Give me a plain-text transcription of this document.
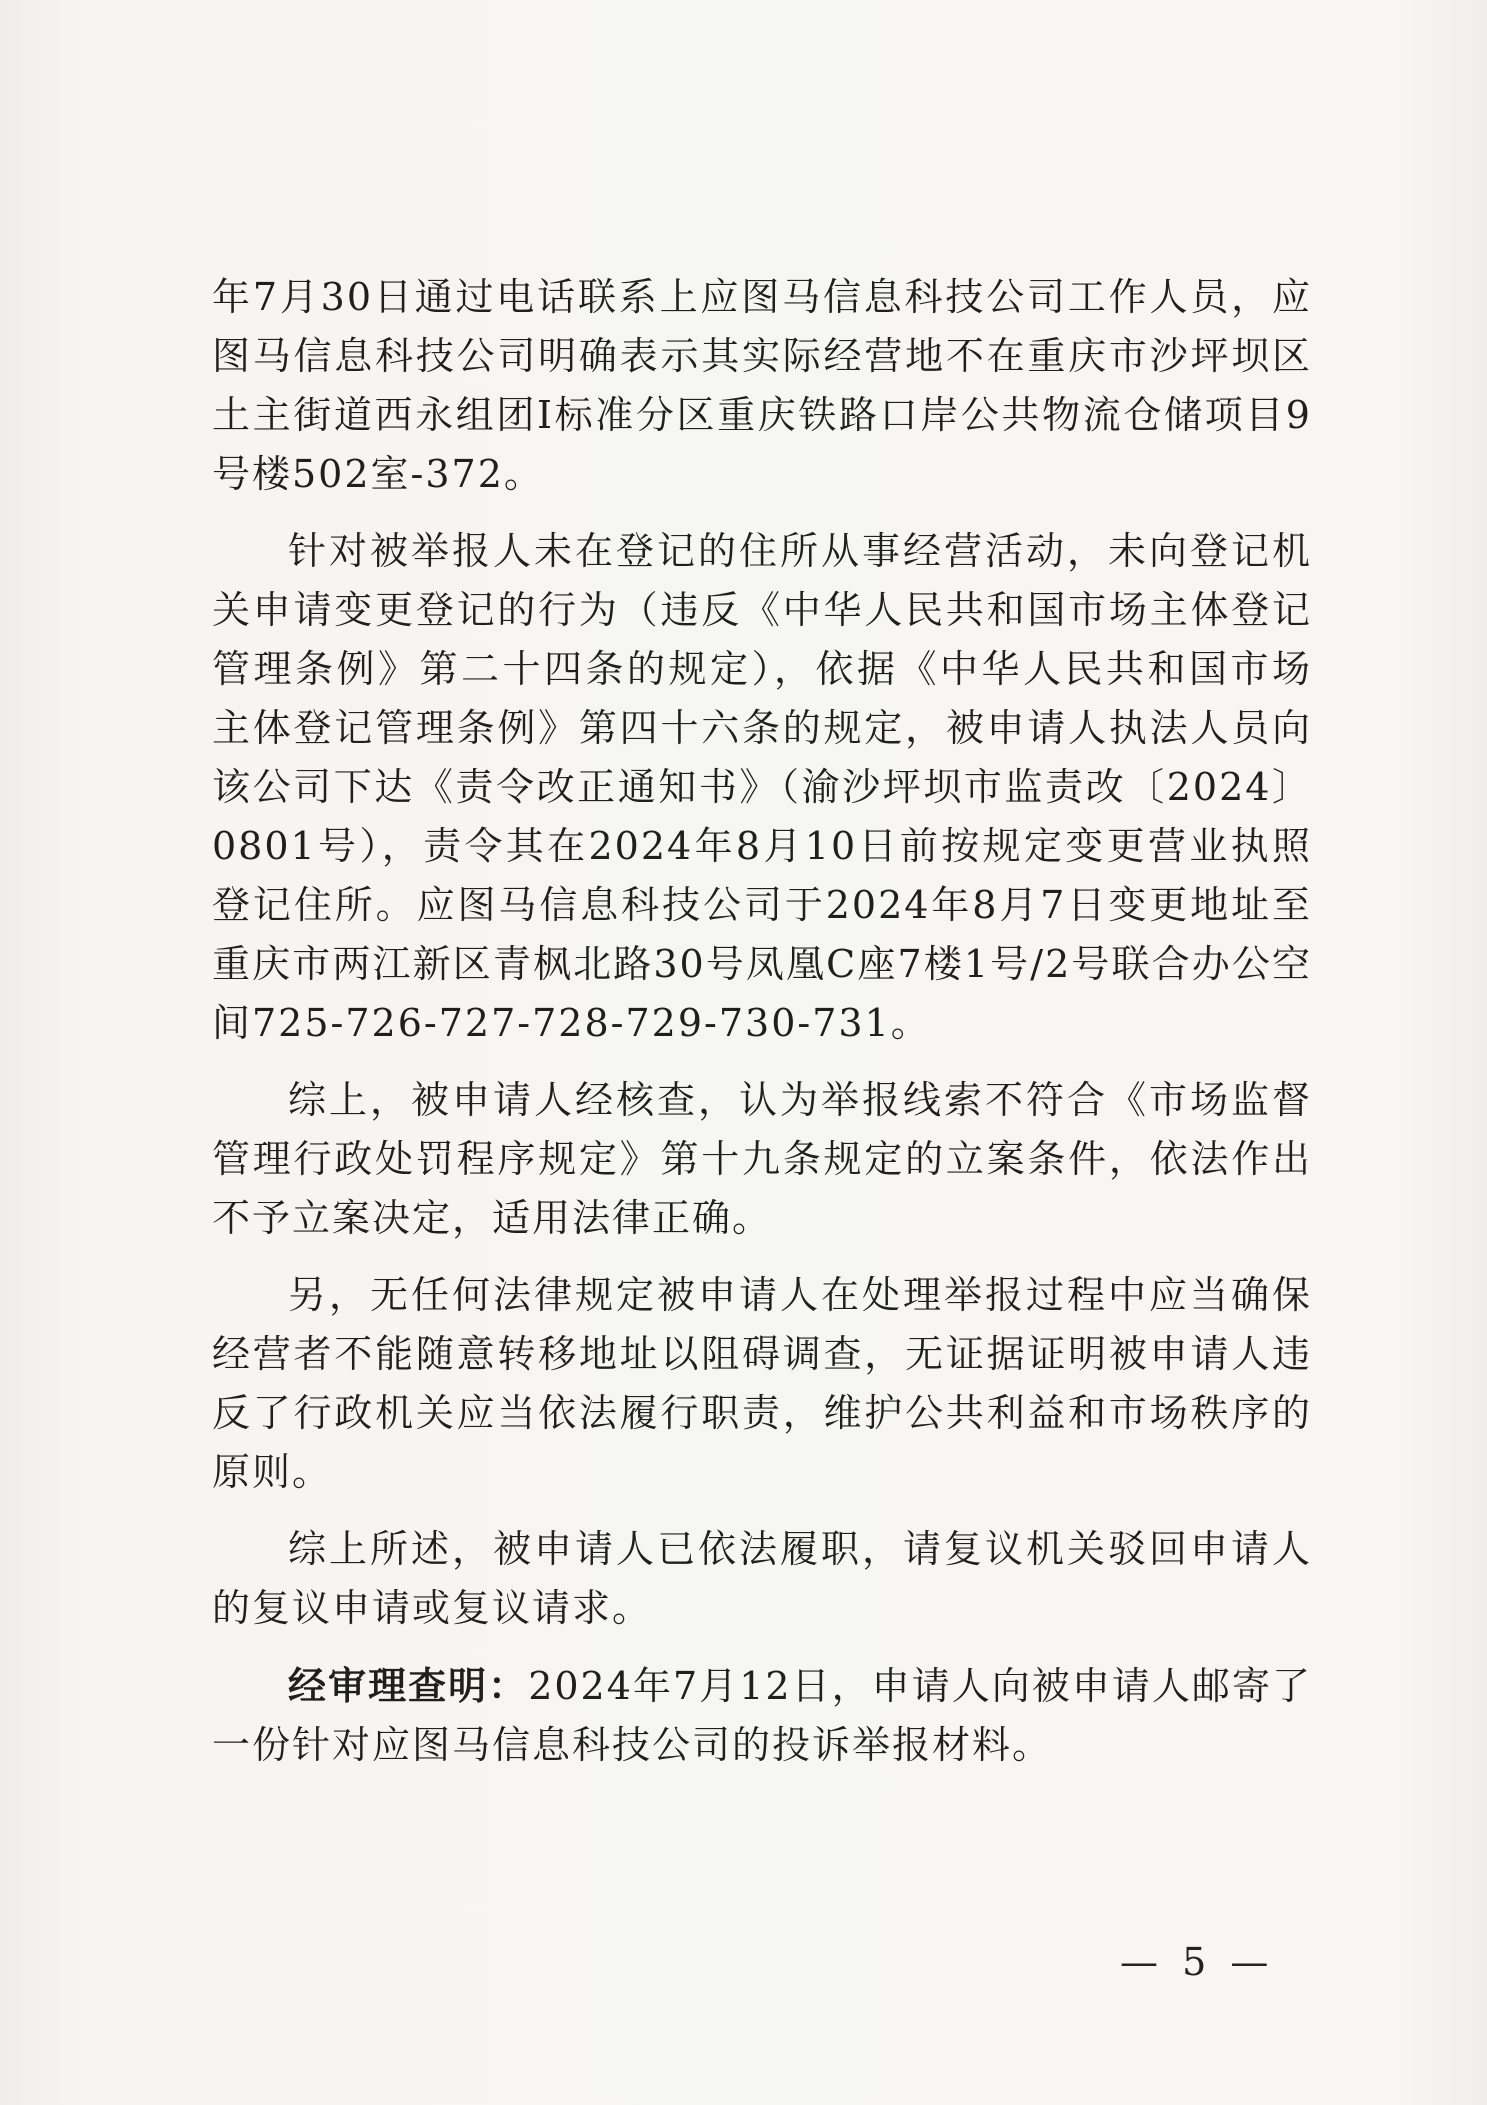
年7月30日通过电话联系上应图马信息科技公司工作人员，应图马信息科技公司明确表示其实际经营地不在重庆市沙坪坝区土主街道西永组团Ⅰ标准分区重庆铁路口岸公共物流仓储项目9号楼502室-372。

针对被举报人未在登记的住所从事经营活动，未向登记机关申请变更登记的行为（违反《中华人民共和国市场主体登记管理条例》第二十四条的规定），依据《中华人民共和国市场主体登记管理条例》第四十六条的规定，被申请人执法人员向该公司下达《责令改正通知书》（渝沙坪坝市监责改〔2024〕0801号），责令其在2024年8月10日前按规定变更营业执照登记住所。应图马信息科技公司于2024年8月7日变更地址至重庆市两江新区青枫北路30号凤凰C座7楼1号/2号联合办公空间725-726-727-728-729-730-731。

综上，被申请人经核查，认为举报线索不符合《市场监督管理行政处罚程序规定》第十九条规定的立案条件，依法作出不予立案决定，适用法律正确。

另，无任何法律规定被申请人在处理举报过程中应当确保经营者不能随意转移地址以阻碍调查，无证据证明被申请人违反了行政机关应当依法履行职责，维护公共利益和市场秩序的原则。

综上所述，被申请人已依法履职，请复议机关驳回申请人的复议申请或复议请求。

经审理查明：2024年7月12日，申请人向被申请人邮寄了一份针对应图马信息科技公司的投诉举报材料。

— 5 —
